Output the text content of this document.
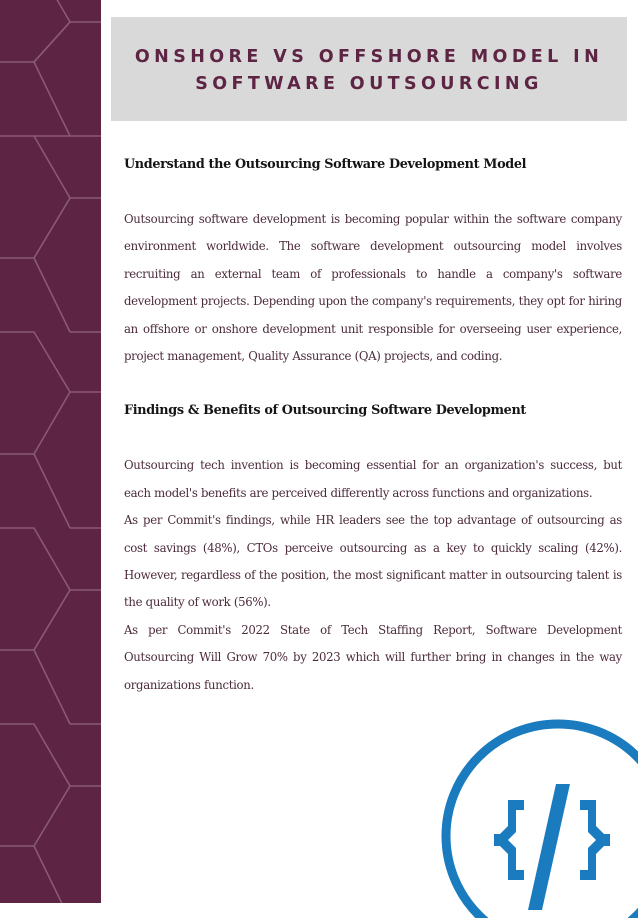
ONSHORE VS OFFSHORE MODEL IN
SOFTWARE OUTSOURCING
Understand the Outsourcing Software Development Model

Outsourcing software development is becoming popular within the software company environment worldwide. The software development outsourcing model involves recruiting an external team of professionals to handle a company's software development projects. Depending upon the company's requirements, they opt for hiring an offshore or onshore development unit responsible for overseeing user experience, project management, Quality Assurance (QA) projects, and coding.

Findings & Benefits of Outsourcing Software Development

Outsourcing tech invention is becoming essential for an organization's success, but each model's benefits are perceived differently across functions and organizations.

As per Commit's findings, while HR leaders see the top advantage of outsourcing as cost savings (48%), CTOs perceive outsourcing as a key to quickly scaling (42%). However, regardless of the position, the most significant matter in outsourcing talent is the quality of work (56%).

As per Commit's 2022 State of Tech Staffing Report, Software Development Outsourcing Will Grow 70% by 2023 which will further bring in changes in the way organizations function.
